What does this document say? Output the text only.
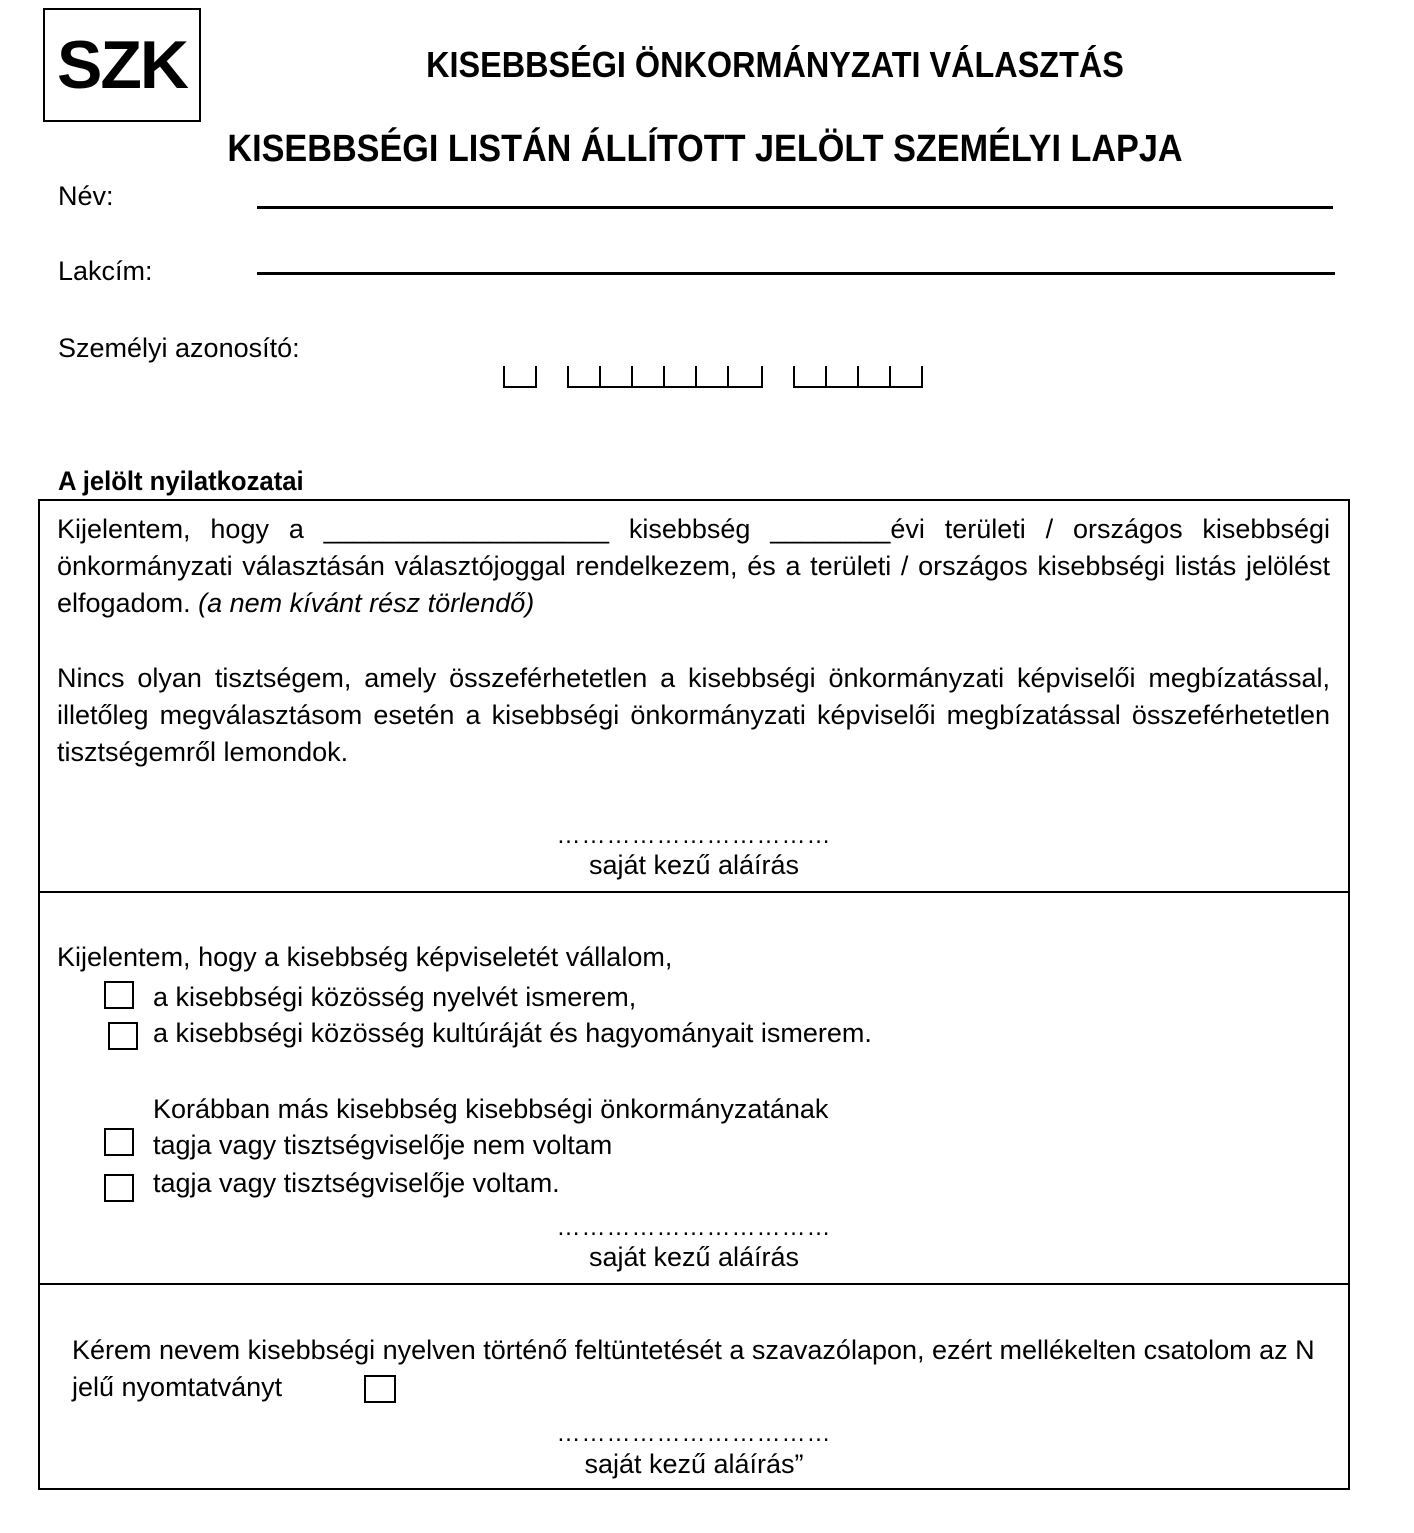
SZK	KISEBBSÉGI ÖNKORMÁNYZATI VÁLASZTÁS
KISEBBSÉGI LISTÁN ÁLLÍTOTT JELÖLT SZEMÉLYI LAPJA
Név:
Lakcím:
Személyi azonosító:
A jelölt nyilatkozatai
Kijelentem, hogy a ___________________ kisebbség ________évi területi / országos kisebbségi önkormányzati választásán választójoggal rendelkezem, és a területi / országos kisebbségi listás jelölést elfogadom. (a nem kívánt rész törlendő)
Nincs olyan tisztségem, amely összeférhetetlen a kisebbségi önkormányzati képviselői megbízatással, illetőleg megválasztásom esetén a kisebbségi önkormányzati képviselői megbízatással összeférhetetlen tisztségemről lemondok.
……………………………
saját kezű aláírás
Kijelentem, hogy a kisebbség képviseletét vállalom,
a kisebbségi közösség nyelvét ismerem,
a kisebbségi közösség kultúráját és hagyományait ismerem.
Korábban más kisebbség kisebbségi önkormányzatának
tagja vagy tisztségviselője nem voltam
tagja vagy tisztségviselője voltam.
……………………………
saját kezű aláírás
Kérem nevem kisebbségi nyelven történő feltüntetését a szavazólapon, ezért mellékelten csatolom az N
jelű nyomtatványt
……………………………
saját kezű aláírás”
